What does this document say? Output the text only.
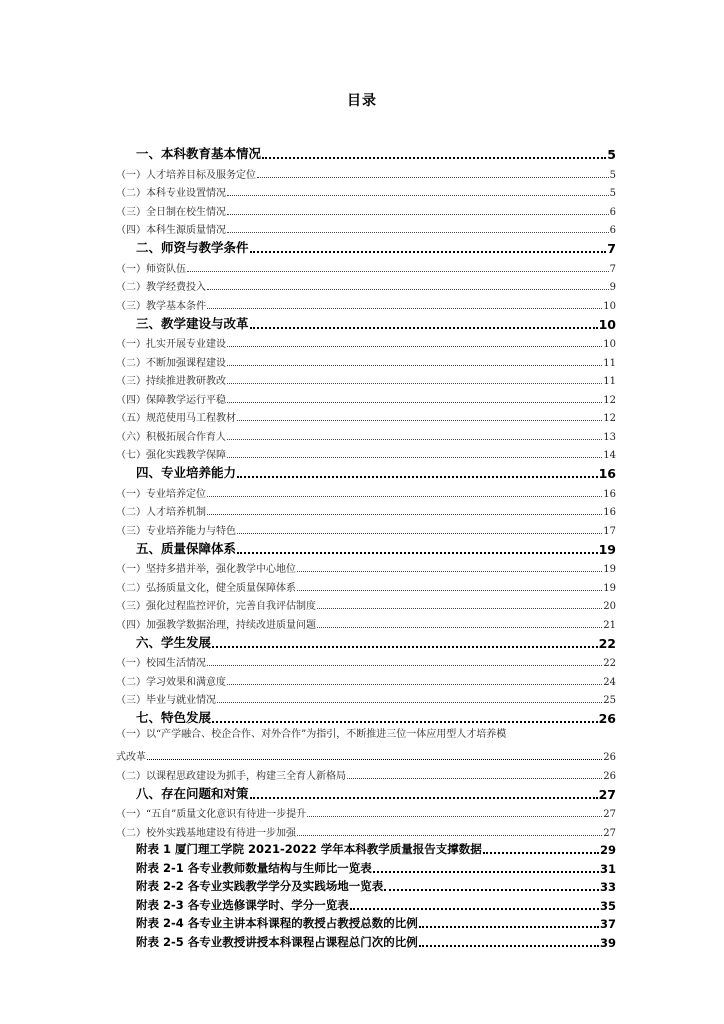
目录
一、本科教育基本情况	5
（一）人才培养目标及服务定位	5
（二）本科专业设置情况	5
（三）全日制在校生情况	6
（四）本科生源质量情况	6
二、师资与教学条件	7
（一）师资队伍	7
（二）教学经费投入	9
（三）教学基本条件	10
三、教学建设与改革	10
（一）扎实开展专业建设	10
（二）不断加强课程建设	11
（三）持续推进教研教改	11
（四）保障教学运行平稳	12
（五）规范使用马工程教材	12
（六）积极拓展合作育人	13
（七）强化实践教学保障	14
四、专业培养能力	16
（一）专业培养定位	16
（二）人才培养机制	16
（三）专业培养能力与特色	17
五、质量保障体系	19
（一）坚持多措并举，强化教学中心地位	19
（二）弘扬质量文化，健全质量保障体系	19
（三）强化过程监控评价，完善自我评估制度	20
（四）加强教学数据治理，持续改进质量问题	21
六、学生发展	22
（一）校园生活情况	22
（二）学习效果和满意度	24
（三）毕业与就业情况	25
七、特色发展	26
（一）以“产学融合、校企合作、对外合作”为指引，不断推进三位一体应用型人才培养模
式改革	26
（二）以课程思政建设为抓手，构建三全育人新格局	26
八、存在问题和对策	27
（一）“五自”质量文化意识有待进一步提升	27
（二）校外实践基地建设有待进一步加强	27
附表 1 厦门理工学院 2021-2022 学年本科教学质量报告支撑数据	29
附表 2-1 各专业教师数量结构与生师比一览表	31
附表 2-2 各专业实践教学学分及实践场地一览表	33
附表 2-3 各专业选修课学时、学分一览表	35
附表 2-4 各专业主讲本科课程的教授占教授总数的比例	37
附表 2-5 各专业教授讲授本科课程占课程总门次的比例	39
